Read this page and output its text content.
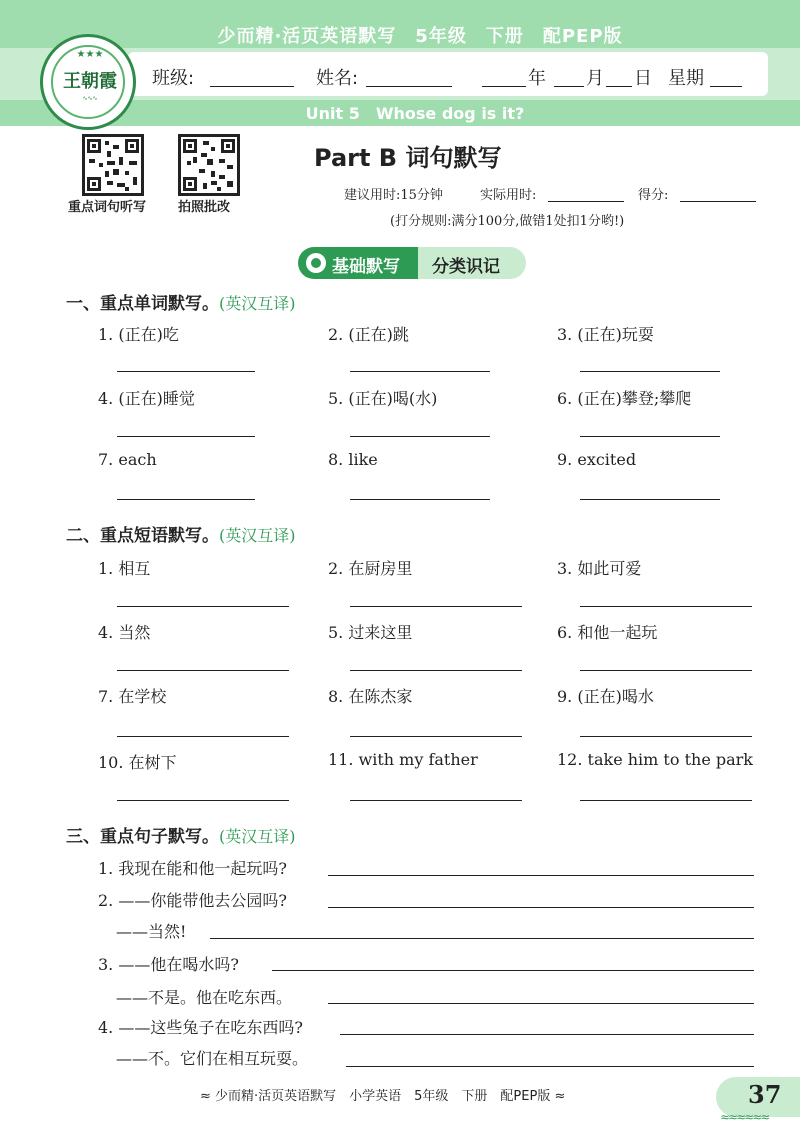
少而精·活页英语默写　5年级　下册　配PEP版
班级:	姓名:	年 月 日 星期
★★★
王朝霞
∿∿∿
Unit 5　Whose dog is it?
重点词句听写 拍照批改
Part B 词句默写
建议用时:15分钟	实际用时:	得分:
(打分规则:满分100分,做错1处扣1分哟!)
基础默写 分类识记
一、重点单词默写。(英汉互译)
1. (正在)吃	2. (正在)跳	3. (正在)玩耍
4. (正在)睡觉	5. (正在)喝(水)	6. (正在)攀登;攀爬
7. each	8. like	9. excited
二、重点短语默写。(英汉互译)
1. 相互	2. 在厨房里	3. 如此可爱
4. 当然	5. 过来这里	6. 和他一起玩
7. 在学校	8. 在陈杰家	9. (正在)喝水
10. 在树下	11. with my father	12. take him to the park
三、重点句子默写。(英汉互译)
1. 我现在能和他一起玩吗?
2. ——你能带他去公园吗?
——当然!
3. ——他在喝水吗?
——不是。他在吃东西。
4. ——这些兔子在吃东西吗?
——不。它们在相互玩耍。
≈ 少而精·活页英语默写　小学英语　5年级　下册　配PEP版 ≈	37
≈≈≈≈≈≈
